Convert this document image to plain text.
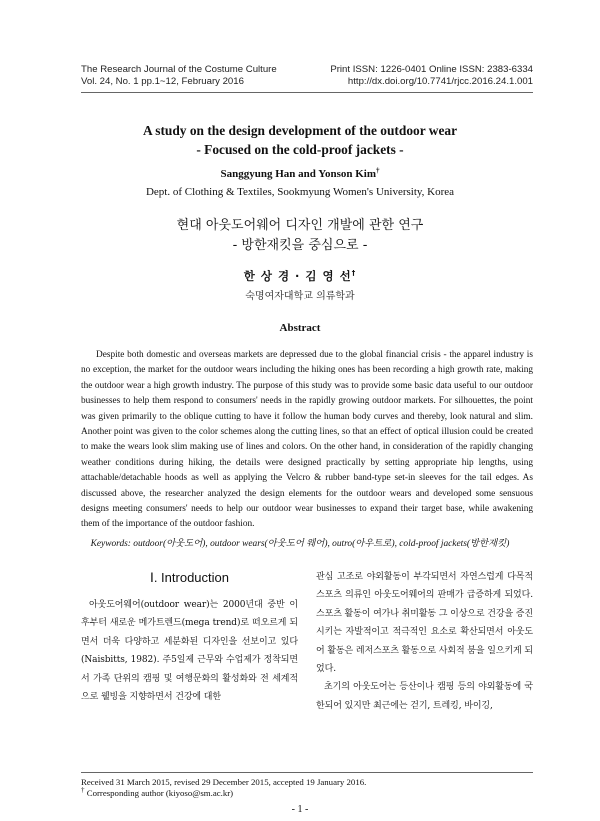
The Research Journal of the Costume Culture
Vol. 24, No. 1 pp.1~12, February 2016
Print ISSN: 1226-0401 Online ISSN: 2383-6334
http://dx.doi.org/10.7741/rjcc.2016.24.1.001
A study on the design development of the outdoor wear
- Focused on the cold-proof jackets -
Sanggyung Han and Yonson Kim†
Dept. of Clothing & Textiles, Sookmyung Women's University, Korea
현대 아웃도어웨어 디자인 개발에 관한 연구
- 방한재킷을 중심으로 -
한 상 경 · 김 영 선†
숙명여자대학교 의류학과
Abstract

Despite both domestic and overseas markets are depressed due to the global financial crisis - the apparel industry is no exception, the market for the outdoor wears including the hiking ones has been recording a high growth rate, making the outdoor wear a high growth industry. The purpose of this study was to provide some basic data useful to our outdoor businesses to help them respond to consumers' needs in the rapidly growing outdoor markets. For silhouettes, the point was given primarily to the oblique cutting to have it follow the human body curves and thereby, look natural and slim. Another point was given to the color schemes along the cutting lines, so that an effect of optical illusion could be created to make the wears look slim making use of lines and colors. On the other hand, in consideration of the rapidly changing weather conditions during hiking, the details were designed practically by setting appropriate hip lengths, using attachable/detachable hoods as well as applying the Velcro & rubber band-type set-in sleeves for the tail edges. As discussed above, the researcher analyzed the design elements for the outdoor wears and developed some sensuous designs meeting consumers' needs to help our outdoor wear businesses to expand their target base, while awakening them of the importance of the outdoor fashion.

Keywords: outdoor(아웃도어), outdoor wears(아웃도어 웨어), outro(아우트로), cold-proof jackets(방한재킷)
Ⅰ. Introduction

아웃도어웨어(outdoor wear)는 2000년대 중반 이후부터 새로운 메가트렌드(mega trend)로 떠오르게 되면서 더욱 다양하고 세분화된 디자인을 선보이고 있다(Naisbitts, 1982). 주5일제 근무와 수업제가 정착되면서 가족 단위의 캠핑 및 여행문화의 활성화와 전 세계적으로 웰빙을 지향하면서 건강에 대한

관심 고조로 야외활동이 부각되면서 자연스럽게 다목적 스포츠 의류인 아웃도어웨어의 판매가 급증하게 되었다. 스포츠 활동이 여가나 취미활동 그 이상으로 건강을 증진시키는 자발적이고 적극적인 요소로 확산되면서 아웃도어 활동은 레저스포츠 활동으로 사회적 붐을 일으키게 되었다.

초기의 아웃도어는 등산이나 캠핑 등의 야외활동에 국한되어 있지만 최근에는 걷기, 트레킹, 바이깅,

Received 31 March 2015, revised 29 December 2015, accepted 19 January 2016.
† Corresponding author (kiyoso@sm.ac.kr)
- 1 -
